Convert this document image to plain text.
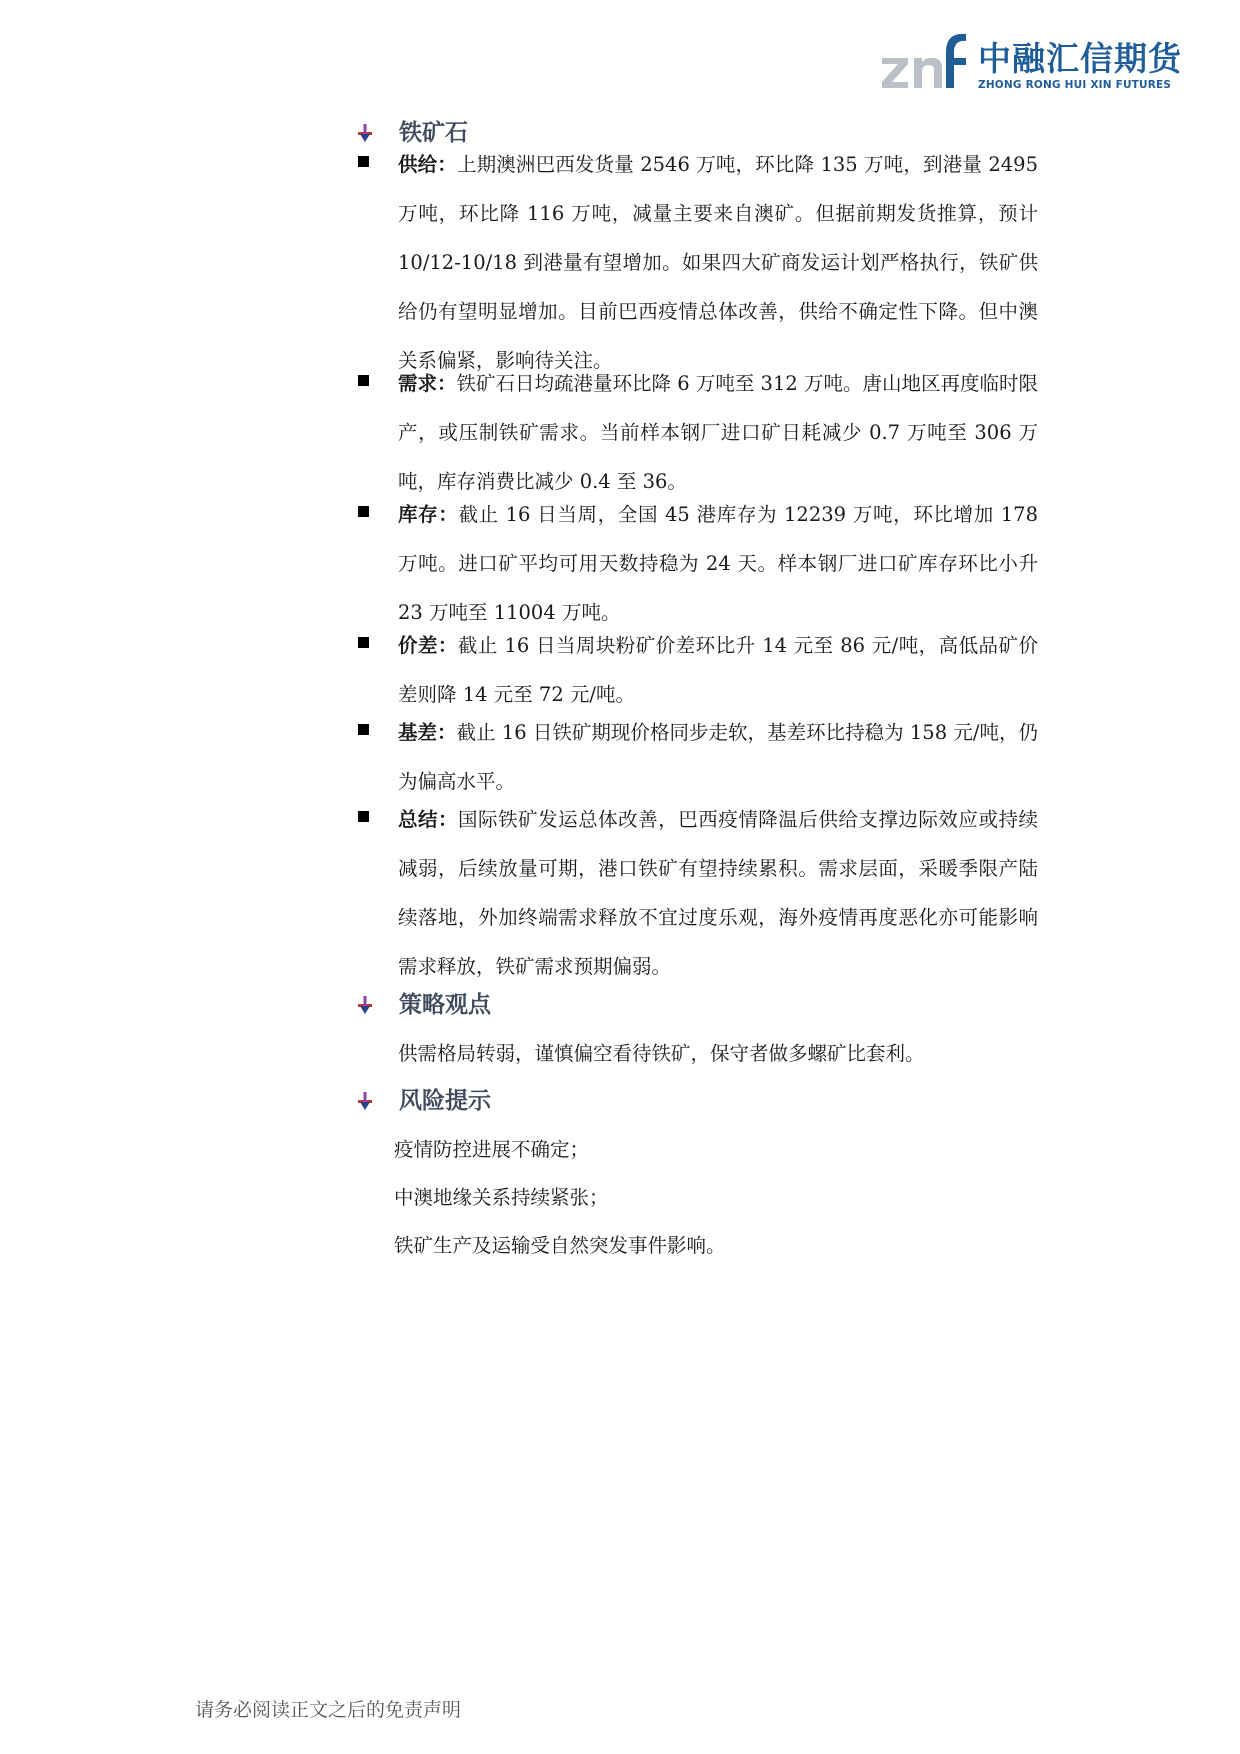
中融汇信期货
ZHONG RONG HUI XIN FUTURES
铁矿石
供给：上期澳洲巴西发货量 2546 万吨，环比降 135 万吨，到港量 2495 万吨，环比降 116 万吨，减量主要来自澳矿。但据前期发货推算，预计 10/12-10/18 到港量有望增加。如果四大矿商发运计划严格执行，铁矿供给仍有望明显增加。目前巴西疫情总体改善，供给不确定性下降。但中澳关系偏紧，影响待关注。
需求：铁矿石日均疏港量环比降 6 万吨至 312 万吨。唐山地区再度临时限产，或压制铁矿需求。当前样本钢厂进口矿日耗减少 0.7 万吨至 306 万吨，库存消费比减少 0.4 至 36。
库存：截止 16 日当周，全国 45 港库存为 12239 万吨，环比增加 178 万吨。进口矿平均可用天数持稳为 24 天。样本钢厂进口矿库存环比小升 23 万吨至 11004 万吨。
价差：截止 16 日当周块粉矿价差环比升 14 元至 86 元/吨，高低品矿价差则降 14 元至 72 元/吨。
基差：截止 16 日铁矿期现价格同步走软，基差环比持稳为 158 元/吨，仍为偏高水平。
总结：国际铁矿发运总体改善，巴西疫情降温后供给支撑边际效应或持续减弱，后续放量可期，港口铁矿有望持续累积。需求层面，采暖季限产陆续落地，外加终端需求释放不宜过度乐观，海外疫情再度恶化亦可能影响需求释放，铁矿需求预期偏弱。
策略观点
供需格局转弱，谨慎偏空看待铁矿，保守者做多螺矿比套利。
风险提示
疫情防控进展不确定；
中澳地缘关系持续紧张；
铁矿生产及运输受自然突发事件影响。
请务必阅读正文之后的免责声明
